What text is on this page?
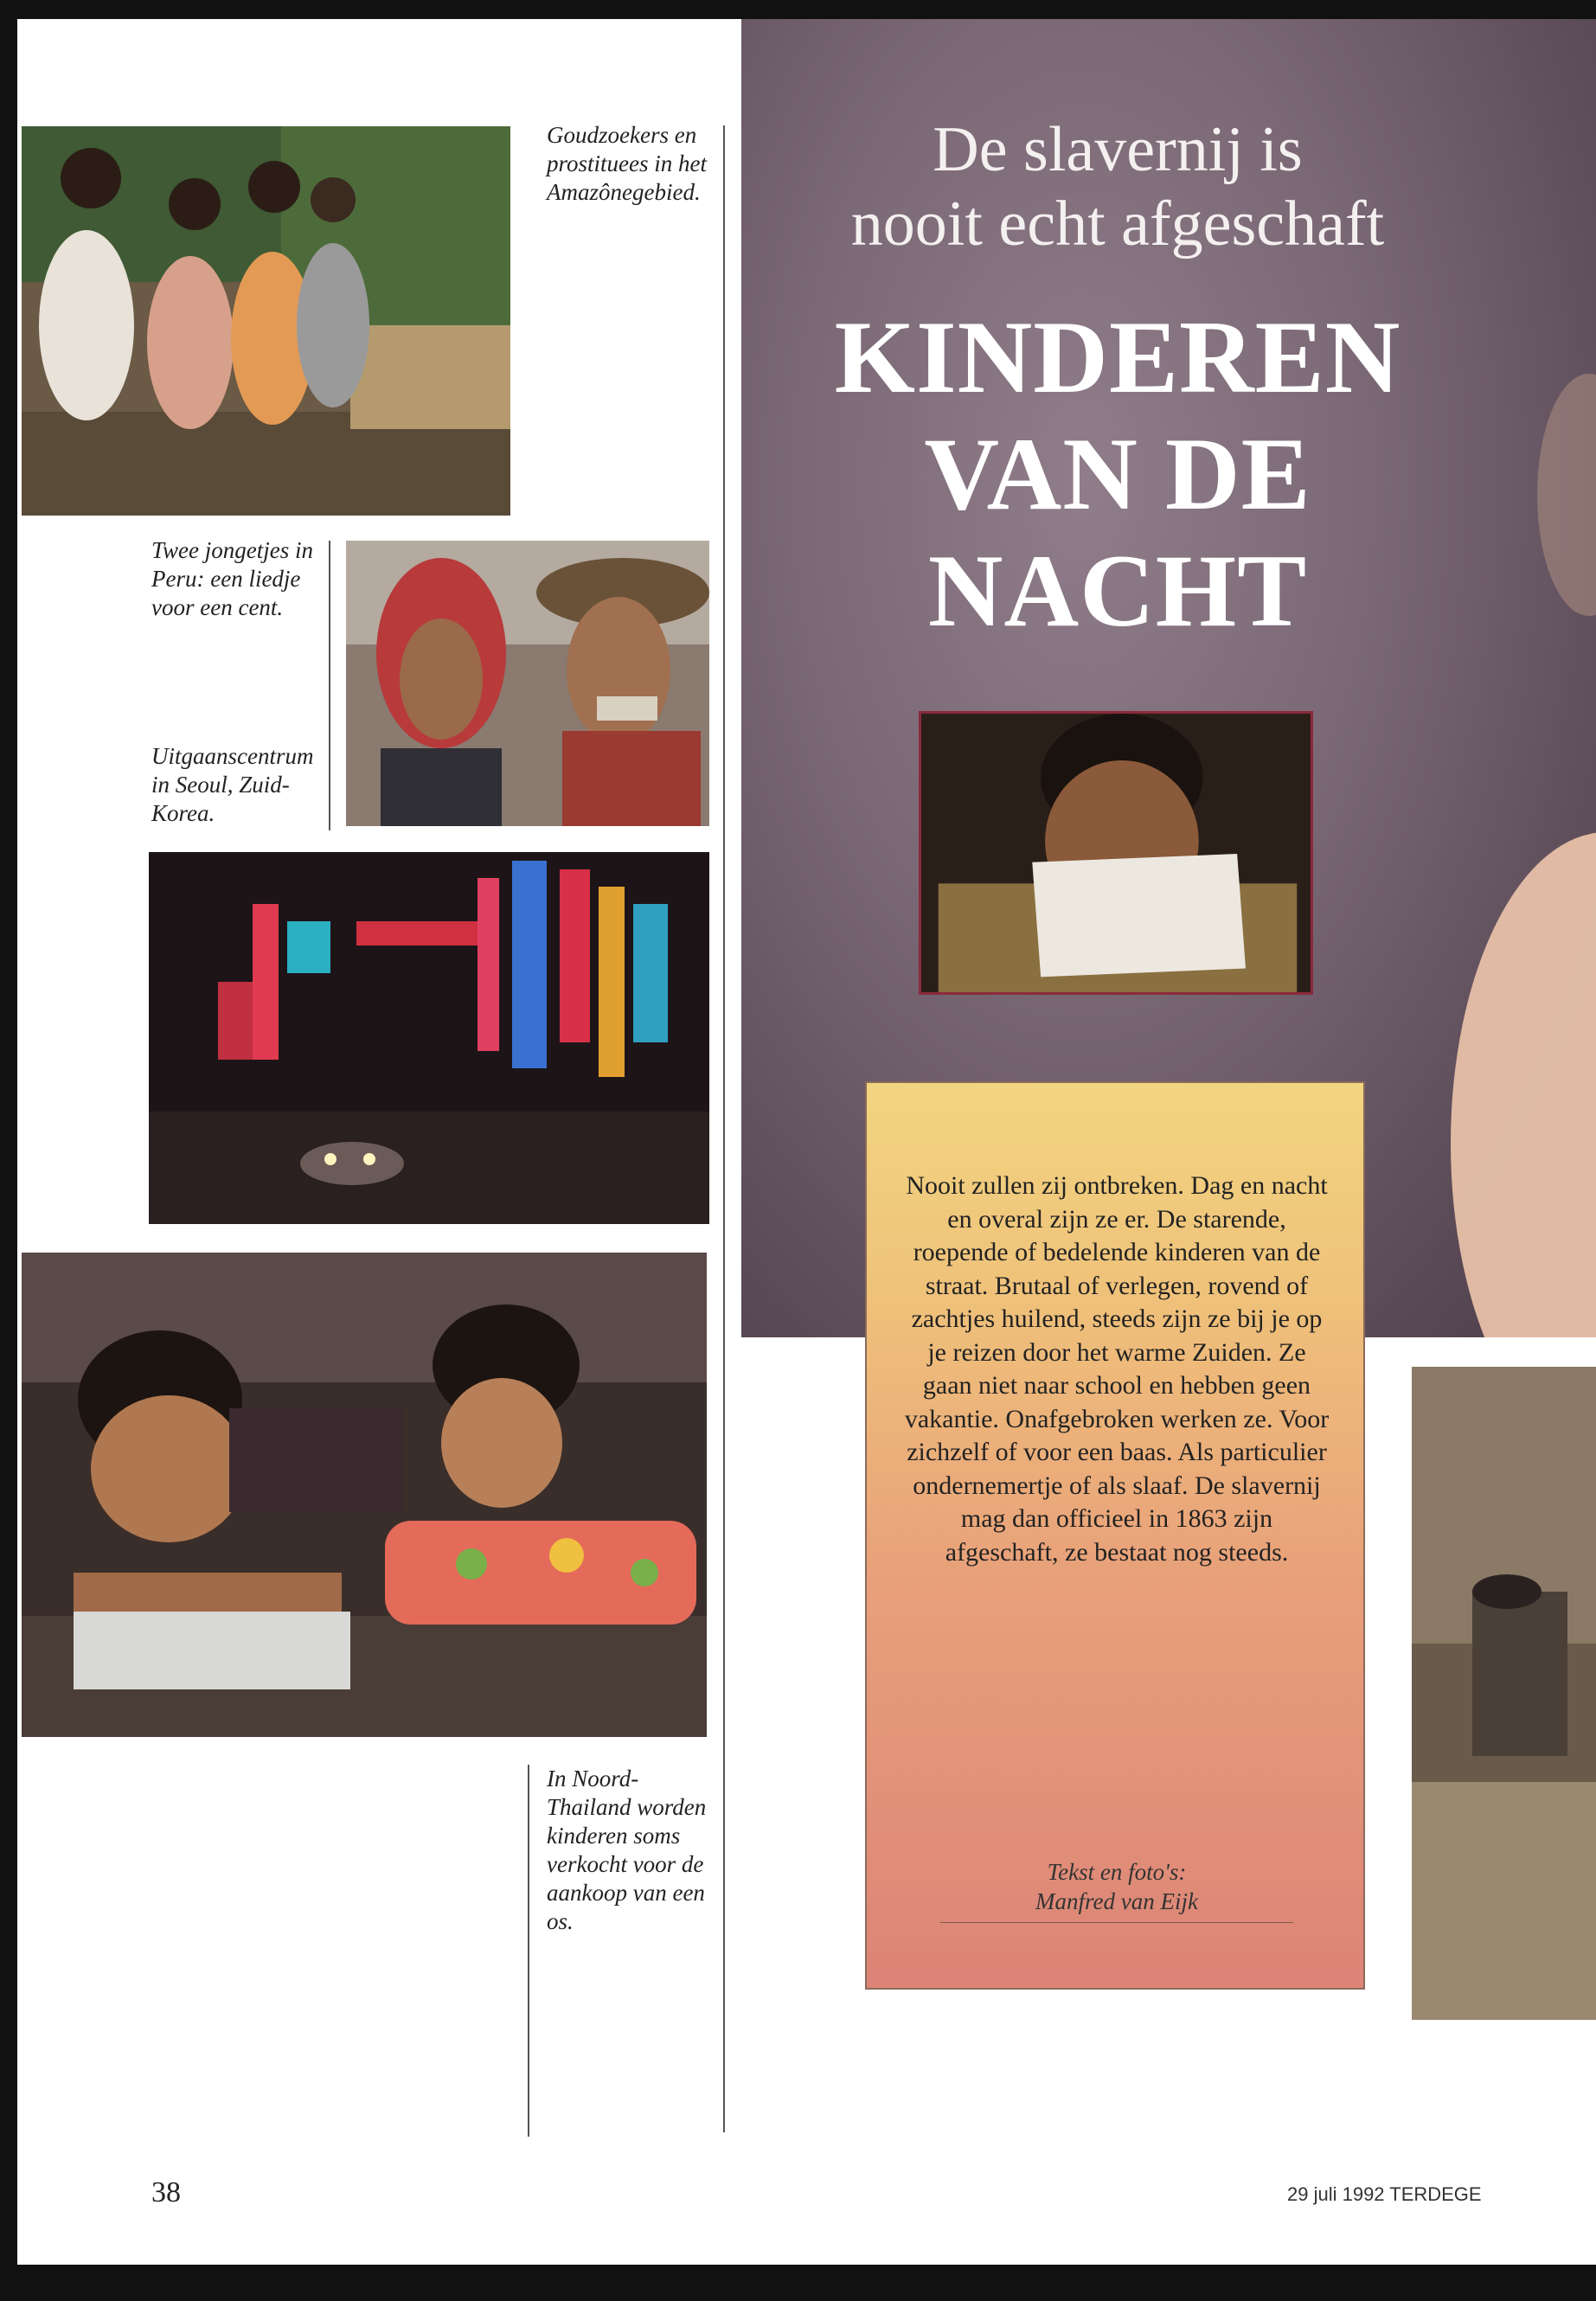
Goudzoekers en prostituees in het Amazônegebied.
Twee jongetjes in Peru: een liedje voor een cent.
Uitgaanscentrum in Seoul, Zuid-Korea.
In Noord-Thailand worden kinderen soms verkocht voor de aankoop van een os.
De slavernij is
nooit echt afgeschaft
KINDEREN
VAN DE
NACHT
Nooit zullen zij ontbreken. Dag en nacht en overal zijn ze er. De starende, roepende of bedelende kinderen van de straat. Brutaal of verlegen, rovend of zachtjes huilend, steeds zijn ze bij je op je reizen door het warme Zuiden. Ze gaan niet naar school en hebben geen vakantie. Onafgebroken werken ze. Voor zichzelf of voor een baas. Als particulier ondernemertje of als slaaf. De slavernij mag dan officieel in 1863 zijn afgeschaft, ze bestaat nog steeds.
Tekst en foto's:
Manfred van Eijk
38	29 juli 1992 TERDEGE
